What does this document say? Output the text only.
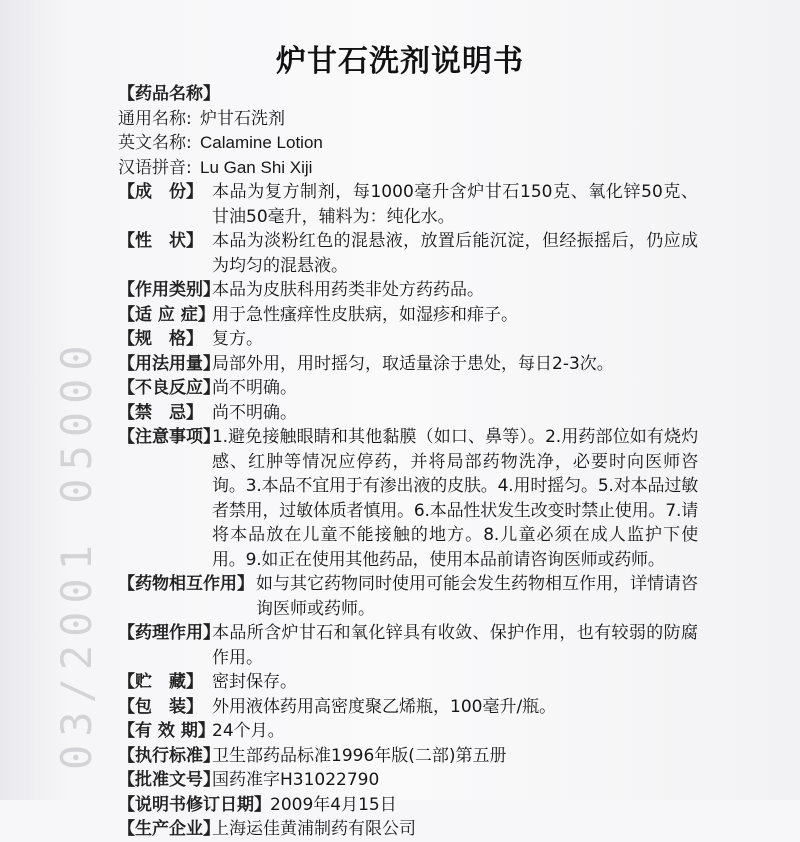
03/2001 05000
炉甘石洗剂说明书
【药品名称】
通用名称: 炉甘石洗剂
英文名称: Calamine Lotion
汉语拼音: Lu Gan Shi Xiji
【成　份】 本品为复方制剂，每1000毫升含炉甘石150克、氧化锌50克、甘油50毫升，辅料为：纯化水。
【性　状】 本品为淡粉红色的混悬液，放置后能沉淀，但经振摇后，仍应成为均匀的混悬液。
【作用类别】
本品为皮肤科用药类非处方药药品。
【适 应 症】
用于急性瘙痒性皮肤病，如湿疹和痱子。
【规　格】 复方。
【用法用量】
局部外用，用时摇匀，取适量涂于患处，每日2-3次。
【不良反应】
尚不明确。
【禁　忌】 尚不明确。
【注意事项】
1.避免接触眼睛和其他黏膜（如口、鼻等）。2.用药部位如有烧灼感、红肿等情况应停药，并将局部药物洗净，必要时向医师咨询。3.本品不宜用于有渗出液的皮肤。4.用时摇匀。5.对本品过敏者禁用，过敏体质者慎用。6.本品性状发生改变时禁止使用。7.请将本品放在儿童不能接触的地方。8.儿童必须在成人监护下使用。9.如正在使用其他药品，使用本品前请咨询医师或药师。
【药物相互作用】 如与其它药物同时使用可能会发生药物相互作用，详情请咨询医师或药师。
【药理作用】
本品所含炉甘石和氧化锌具有收敛、保护作用，也有较弱的防腐作用。
【贮　藏】 密封保存。
【包　装】 外用液体药用高密度聚乙烯瓶，100毫升/瓶。
【有 效 期】
24个月。
【执行标准】
卫生部药品标准1996年版(二部)第五册
【批准文号】
国药准字H31022790
【说明书修订日期】 2009年4月15日
【生产企业】
上海运佳黄浦制药有限公司
